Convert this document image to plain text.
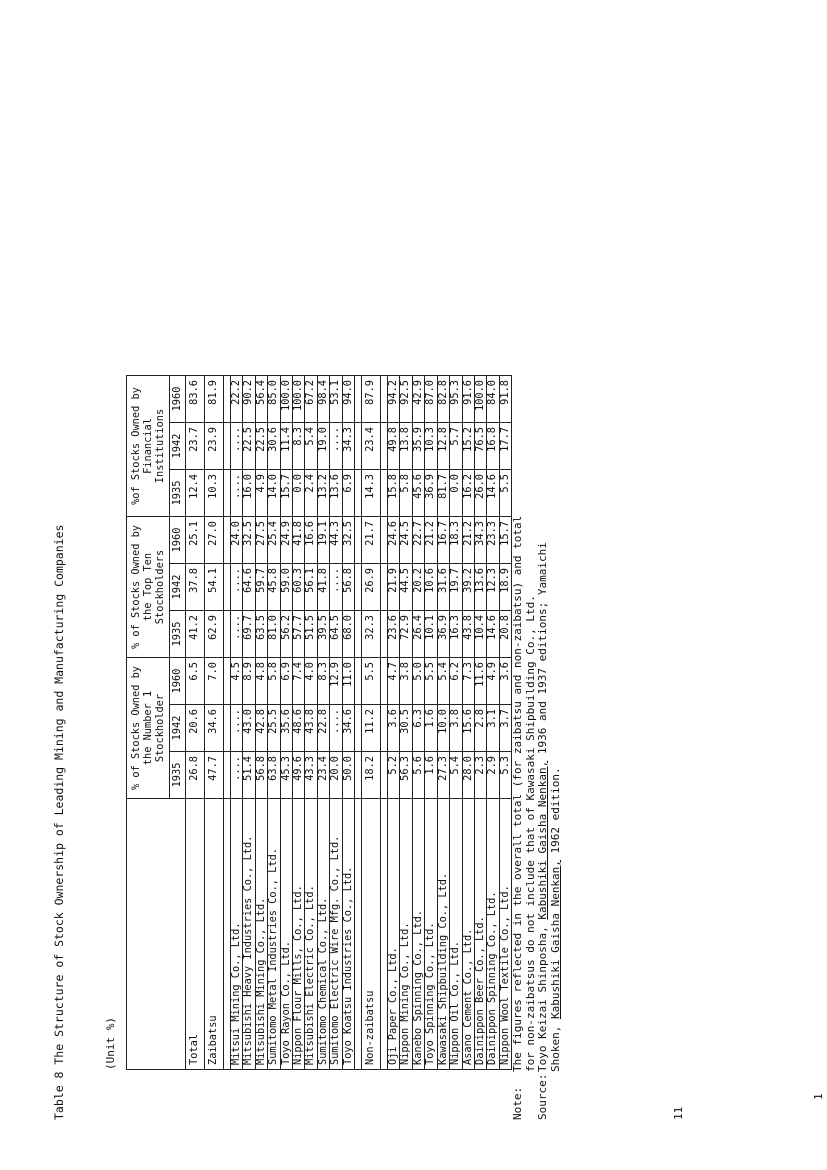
Table 8 The Structure of Stock Ownership of Leading Mining and Manufacturing Companies	(Unit %)

	% of Stocks Owned by the Number 1 Stockholder			% of Stocks Owned by the Top Ten Stockholders			%of Stocks Owned by Financial Institutions		

	1935	1942	1960	1935	1942	1960	1935	1942	1960
Total	26.8	20.6	6.5	41.2	37.8	25.1	12.4	23.7	83.6
Zaibatsu	47.7	34.6	7.0	62.9	54.1	27.0	10.3	23.9	81.9

Mitsui Mining Co., Ltd.	....	....	4.5	....	....	24.0	....	....	22.2
Mitsubishi Heavy Industries Co., Ltd.	51.4	43.0	8.9	69.7	64.6	32.5	16.0	22.5	90.2
Mitsubishi Mining Co., Ltd.	56.8	42.8	4.8	63.5	59.7	27.5	4.9	22.5	56.4
Sumitomo Metal Industries Co., Ltd.	63.8	25.5	5.8	81.0	45.8	25.4	14.0	30.6	85.0
Toyo Rayon Co., Ltd.	45.3	35.6	6.9	56.2	59.0	24.9	15.7	11.4	100.0
Nippon Flour Mills, Co., Ltd.	49.6	48.6	7.4	57.7	60.3	41.8	0.0	8.3	100.0
Mitsubishi Electric Co., Ltd.	43.3	43.8	4.0	51.5	56.1	16.6	2.4	5.4	67.2
Sumitomo Chemical Co., Ltd.	23.4	22.8	8.3	39.5	41.8	19.1	13.2	19.0	98.4
Sumitomo Electric Wire Mfg. Co., Ltd.	20.0	....	12.9	64.5	....	44.3	13.6	....	53.1
Toyo Koatsu Industries Co., Ltd.	50.0	34.6	11.0	68.0	56.8	32.5	6.9	34.3	94.0

Non-zaibatsu	18.2	11.2	5.5	32.3	26.9	21.7	14.3	23.4	87.9

Oji Paper Co., Ltd.	5.2	3.6	4.7	23.6	21.9	24.6	15.8	49.8	94.2
Nippon Mining Co., Ltd.	56.3	30.5	3.8	72.9	44.5	24.5	5.8	13.8	92.5
Kanebo Spinning Co., Ltd.	5.6	6.3	5.0	26.4	20.2	22.7	45.6	35.9	42.9
Toyo Spinning Co., Ltd.	1.6	1.6	5.5	10.1	10.6	21.2	36.9	10.3	87.0
Kawasaki Shipbuilding Co., Ltd.	27.3	10.0	5.4	36.9	31.6	16.7	81.7	12.8	82.8
Nippon Oil Co., Ltd.	5.4	3.8	6.2	16.3	19.7	18.3	0.0	5.7	95.3
Asano Cement Co., Ltd.	28.0	15.6	7.3	43.8	39.2	21.2	16.2	15.2	91.6
Dainippon Beer Co., Ltd.	2.3	2.8	11.6	10.4	13.6	34.3	26.0	76.5	100.0
Dainippon Spinning Co., Ltd.	2.9	3.1	4.9	14.6	12.3	23.3	14.6	16.8	84.0
Nippon Wool Textile Co., Ltd.	5.3	3.7	3.6	20.8	18.9	15.7	5.5	17.7	91.8
Note:The figures reflected in the overall total (for zaibatsu and non-zaibatsu) and total for non-zaibatsus do not include that of Kawasaki Shipbuilding Co., Ltd.
Source:Toyo Keizai Shinposha, Kabushiki Gaisha Nenkan, 1936 and 1937 editions; Yamaichi
Shoken, Kabushiki Gaisha Nenkan, 1962 edition.
11
1
